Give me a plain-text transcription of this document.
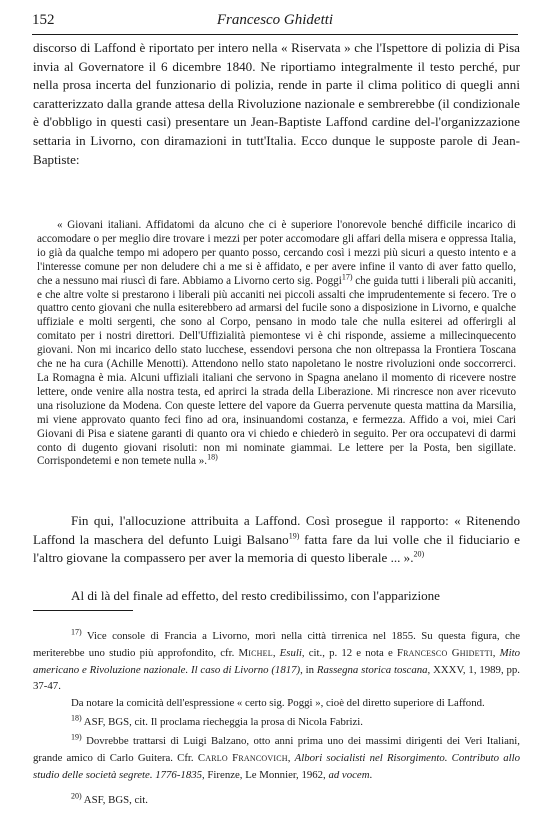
152	Francesco Ghidetti

discorso di Laffond è riportato per intero nella « Riservata » che l'Ispettore di polizia di Pisa invia al Governatore il 6 dicembre 1840. Ne riportiamo integralmente il testo perché, pur nella prosa incerta del funzionario di polizia, rende in parte il clima politico di quegli anni caratterizzato dalla grande attesa della Rivoluzione nazionale e sembrerebbe (il condizionale è d'obbligo in questi casi) presentare un Jean-Baptiste Laffond cardine del-l'organizzazione settaria in Livorno, con diramazioni in tutt'Italia. Ecco dunque le supposte parole di Jean-Baptiste:

« Giovani italiani. Affidatomi da alcuno che ci è superiore l'onorevole benché difficile incarico di accomodare o per meglio dire trovare i mezzi per poter accomodare gli affari della misera e oppressa Italia, io già da qualche tempo mi adopero per quanto posso, cercando così i mezzi più sicuri a questo intento e a l'interesse comune per non deludere chi a me si è affidato, e per avere infine il vanto di aver fatto quello, che a nessuno mai riuscì di fare. Abbiamo a Livorno certo sig. Poggi$^{17)}$ che guida tutti i liberali più accaniti, e che altre volte si prestarono i liberali più accaniti nei piccoli assalti che imprudentemente si fecero. Tre o quattro cento giovani che nulla esiterebbero ad armarsi del fucile sono a disposizione in Livorno, e qualche uffiziale e molti sergenti, che sono al Corpo, pensano in modo tale che nulla esiterei ad offerirgli al comitato per i nostri direttori. Dell'Uffizialità piemontese vi è chi risponde, assieme a millecinquecento giovani. Non mi incarico dello stato lucchese, essendovi persona che non oltrepassa la Frontiera Toscana che ne ha cura (Achille Menotti). Attendono nello stato napoletano le nostre rivoluzioni onde soccorrerci. La Romagna è mia. Alcuni uffiziali italiani che servono in Spagna anelano il momento di ricevere nostre lettere, onde venire alla nostra testa, ed aprirci la strada della Liberazione. Mi rincresce non aver ricevuto una risoluzione da Modena. Con queste lettere del vapore da Guerra pervenute questa mattina da Marsilia, mi viene approvato quanto feci fino ad ora, insinuandomi costanza, e fermezza. Affido a voi, miei Cari Giovani di Pisa e siatene garanti di quanto ora vi chiedo e chiederò in seguito. Per ora occupatevi di darmi conto di dugento giovani risoluti: non mi nominate giammai. Le lettere per la Posta, ben sigillate. Corrispondetemi e non temete nulla ».$^{18)}$

Fin qui, l'allocuzione attribuita a Laffond. Così prosegue il rapporto: « Ritenendo Laffond la maschera del defunto Luigi Balsano$^{19)}$ fatta fare da lui volle che il fiduciario e l'altro giovane la compassero per aver la memoria di questo liberale ... ».$^{20)}$

Al di là del finale ad effetto, del resto credibilissimo, con l'apparizione

$^{17)}$ Vice console di Francia a Livorno, morì nella città tirrenica nel 1855. Su questa figura, che meriterebbe uno studio più approfondito, cfr. Michel, Esuli, cit., p. 12 e nota e Francesco Ghidetti, Mito americano e Rivoluzione nazionale. Il caso di Livorno (1817), in Rassegna storica toscana, XXXV, 1, 1989, pp. 37-47.

Da notare la comicità dell'espressione « certo sig. Poggi », cioè del diretto superiore di Laffond.

$^{18)}$ ASF, BGS, cit. Il proclama riecheggia la prosa di Nicola Fabrizi.

$^{19)}$ Dovrebbe trattarsi di Luigi Balzano, otto anni prima uno dei massimi dirigenti dei Veri Italiani, grande amico di Carlo Guitera. Cfr. Carlo Francovich, Albori socialisti nel Risorgimento. Contributo allo studio delle società segrete. 1776-1835, Firenze, Le Monnier, 1962, ad vocem.

$^{20)}$ ASF, BGS, cit.
